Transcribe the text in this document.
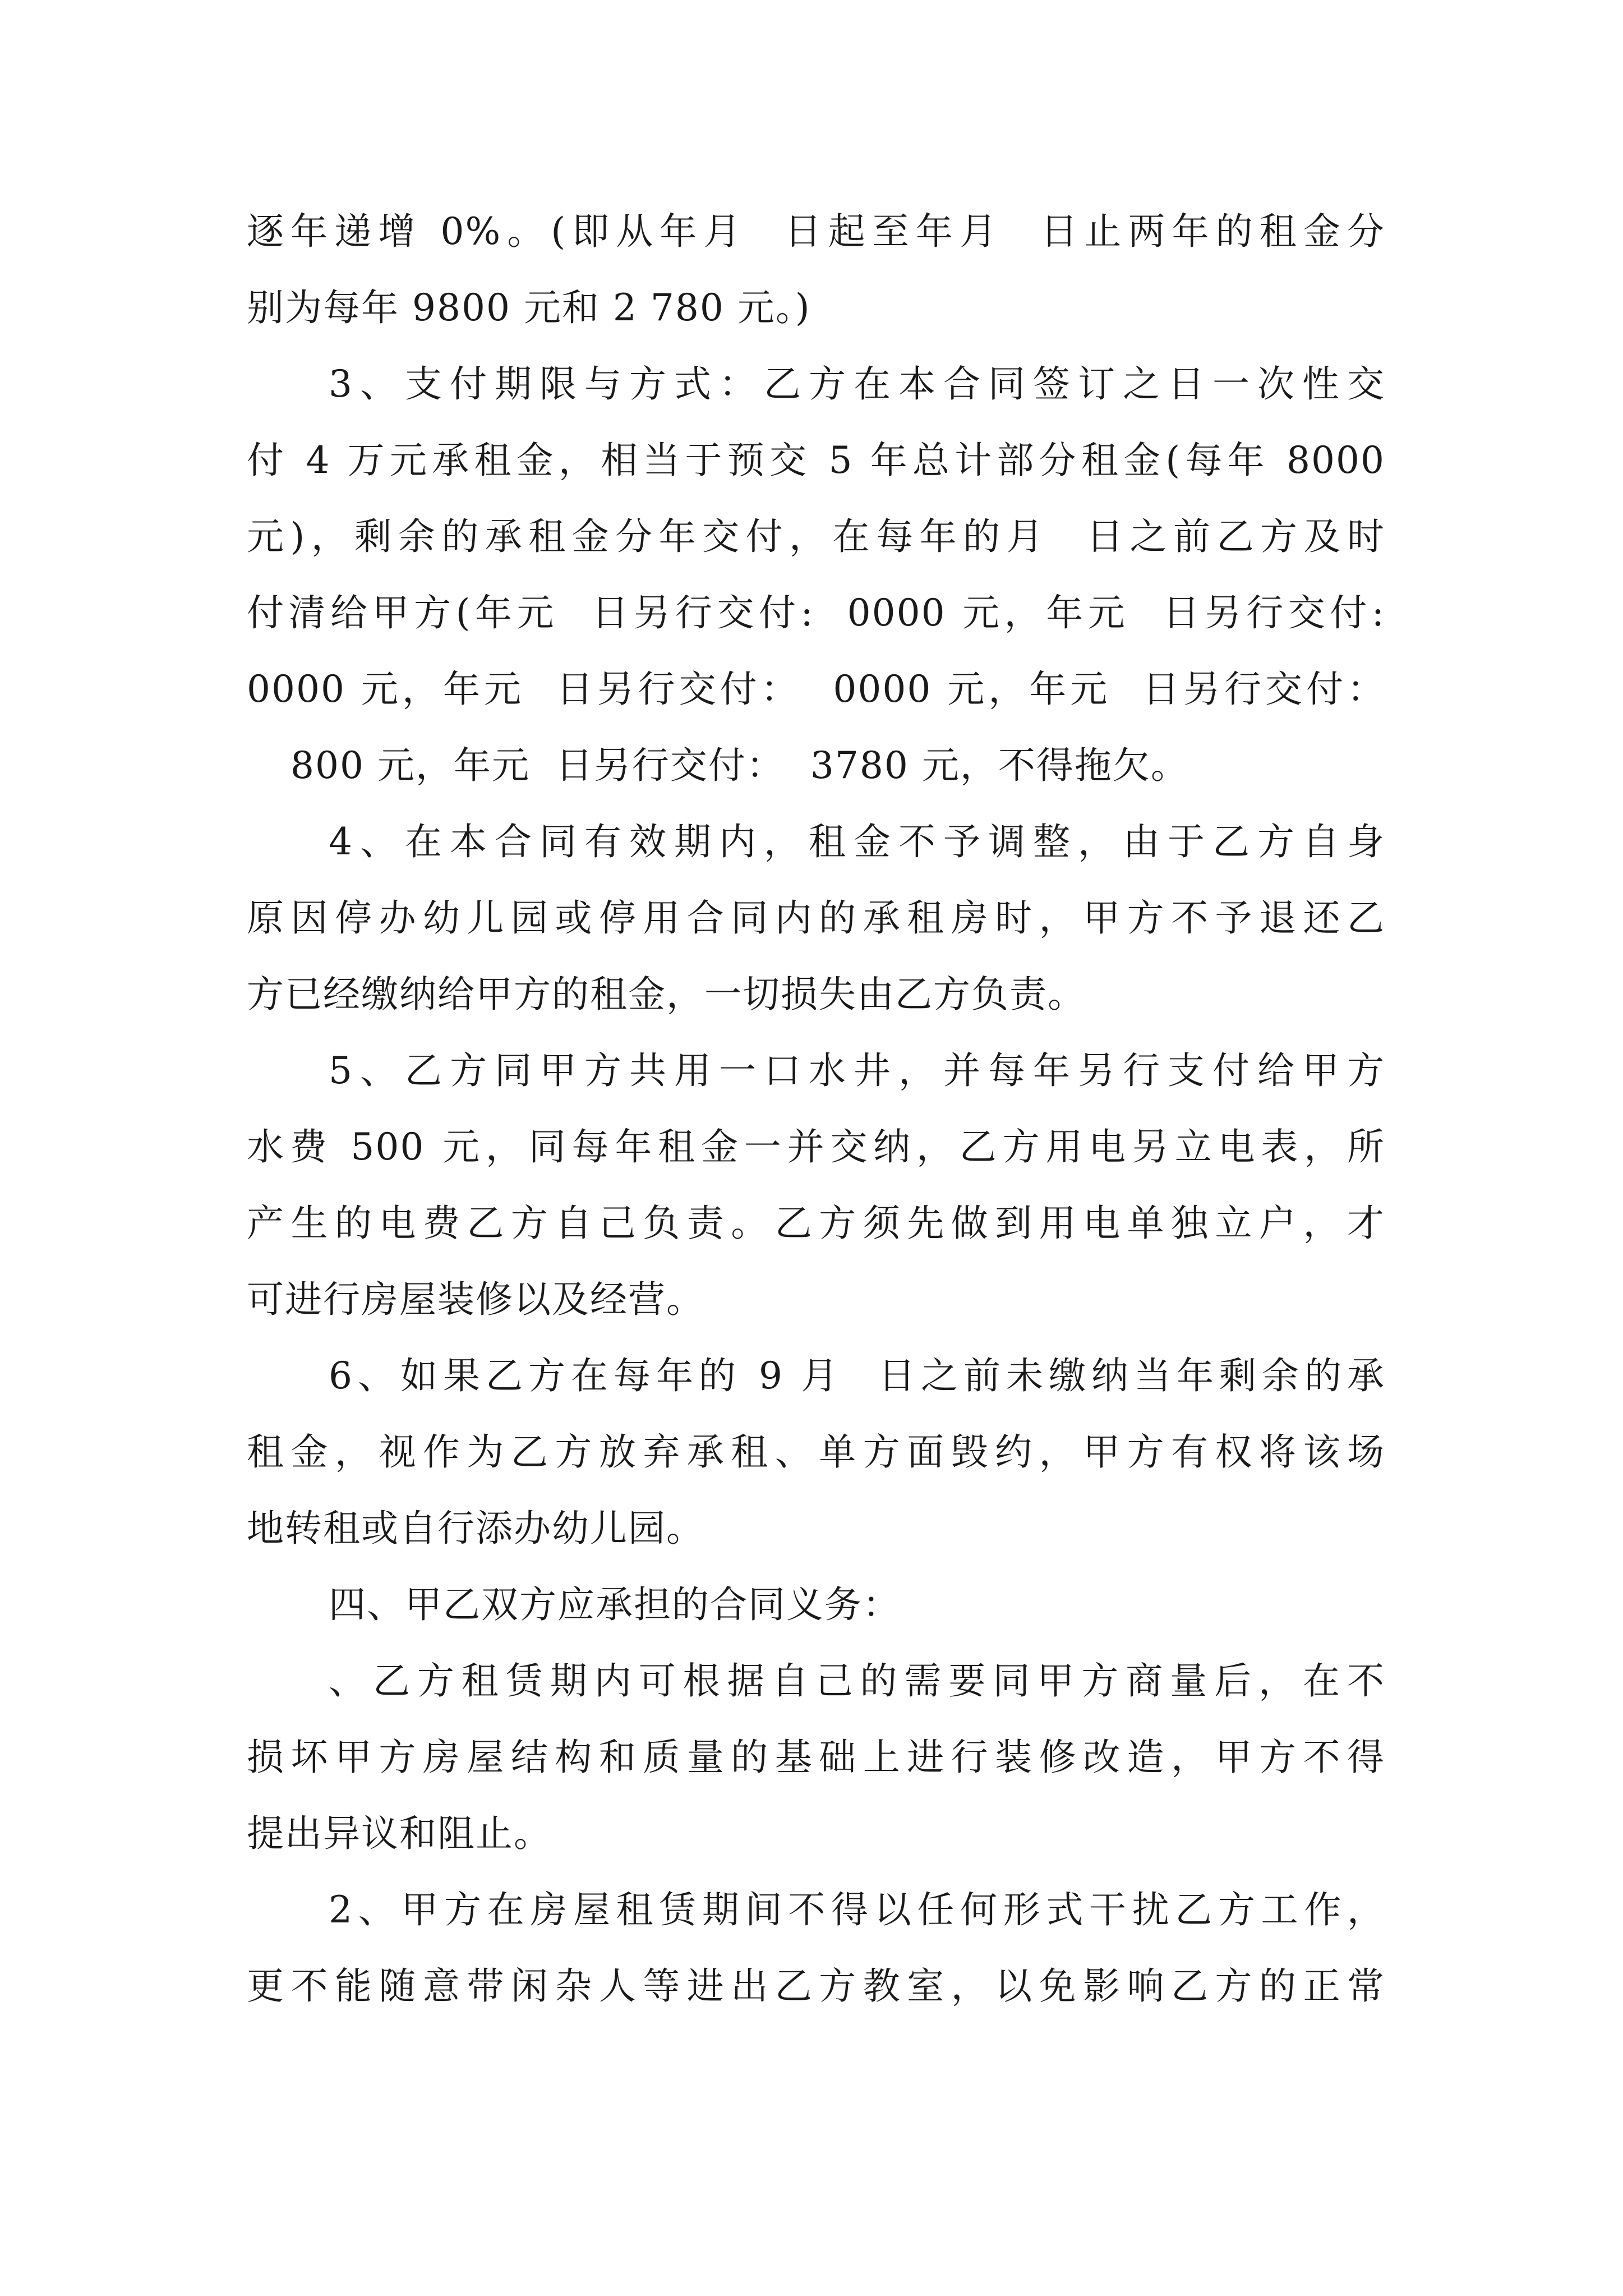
逐年递增 0%。(即从年月  日起至年月  日止两年的租金分
别为每年 9800 元和 2 780 元。)
3、支付期限与方式：乙方在本合同签订之日一次性交
付 4 万元承租金，相当于预交 5 年总计部分租金(每年 8000
元)，剩余的承租金分年交付，在每年的月  日之前乙方及时
付清给甲方(年元  日另行交付:  0000 元，年元  日另行交付:
0000 元，年元  日另行交付：  0000 元，年元  日另行交付：
800 元，年元  日另行交付：  3780 元，不得拖欠。
4、在本合同有效期内，租金不予调整，由于乙方自身
原因停办幼儿园或停用合同内的承租房时，甲方不予退还乙
方已经缴纳给甲方的租金，一切损失由乙方负责。
5、乙方同甲方共用一口水井，并每年另行支付给甲方
水费 500 元，同每年租金一并交纳，乙方用电另立电表，所
产生的电费乙方自己负责。乙方须先做到用电单独立户，才
可进行房屋装修以及经营。
6、如果乙方在每年的 9 月  日之前未缴纳当年剩余的承
租金，视作为乙方放弃承租、单方面毁约，甲方有权将该场
地转租或自行添办幼儿园。
四、甲乙双方应承担的合同义务：
、乙方租赁期内可根据自己的需要同甲方商量后，在不
损坏甲方房屋结构和质量的基础上进行装修改造，甲方不得
提出异议和阻止。
2、甲方在房屋租赁期间不得以任何形式干扰乙方工作，
更不能随意带闲杂人等进出乙方教室，以免影响乙方的正常
